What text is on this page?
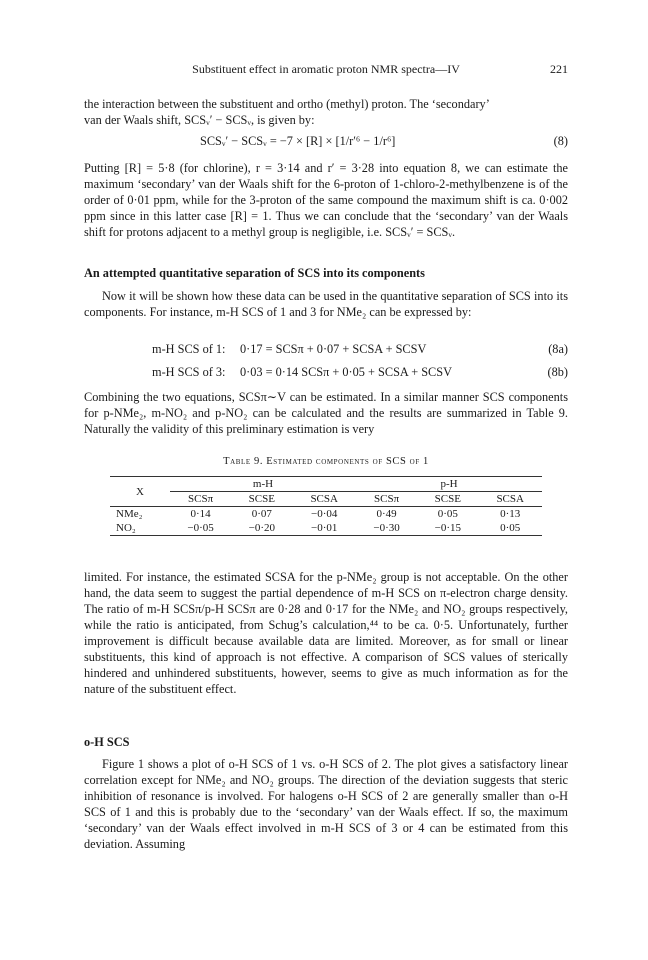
Substituent effect in aromatic proton NMR spectra—IV	221
the interaction between the substituent and ortho (methyl) proton. The ‘secondary’
van der Waals shift, SCSᵥ′ − SCSᵥ, is given by:
SCSᵥ′ − SCSᵥ = −7 × [R] × [1/r′⁶ − 1/r⁶]	(8)
Putting [R] = 5·8 (for chlorine), r = 3·14 and r′ = 3·28 into equation 8, we can estimate the maximum ‘secondary’ van der Waals shift for the 6-proton of 1-chloro-2-methylbenzene is of the order of 0·01 ppm, while for the 3-proton of the same compound the maximum shift is ca. 0·002 ppm since in this latter case [R] = 1. Thus we can conclude that the ‘secondary’ van der Waals shift for protons adjacent to a methyl group is negligible, i.e. SCSᵥ′ = SCSᵥ.
An attempted quantitative separation of SCS into its components
Now it will be shown how these data can be used in the quantitative separation of SCS into its components. For instance, m-H SCS of 1 and 3 for NMe₂ can be expressed by:
m-H SCS of 1: 0·17 = SCSπ + 0·07 + SCSA + SCSV	(8a)
m-H SCS of 3: 0·03 = 0·14 SCSπ + 0·05 + SCSA + SCSV	(8b)
Combining the two equations, SCSπ∼V can be estimated. In a similar manner SCS components for p-NMe₂, m-NO₂ and p-NO₂ can be calculated and the results are summarized in Table 9. Naturally the validity of this preliminary estimation is very
Table 9. Estimated components of SCS of 1
X	m-H			p-H		
	SCSπ	SCSE	SCSA	SCSπ	SCSE	SCSA
NMe₂	0·14	0·07	−0·04	0·49	0·05	0·13
NO₂	−0·05	−0·20	−0·01	−0·30	−0·15	0·05
limited. For instance, the estimated SCSA for the p-NMe₂ group is not acceptable. On the other hand, the data seem to suggest the partial dependence of m-H SCS on π-electron charge density. The ratio of m-H SCSπ/p-H SCSπ are 0·28 and 0·17 for the NMe₂ and NO₂ groups respectively, while the ratio is anticipated, from Schug’s calculation,⁴⁴ to be ca. 0·5. Unfortunately, further improvement is difficult because available data are limited. Moreover, as for small or linear substituents, this kind of approach is not effective. A comparison of SCS values of sterically hindered and unhindered substituents, however, seems to give as much information as for the nature of the substituent effect.
o-H SCS
Figure 1 shows a plot of o-H SCS of 1 vs. o-H SCS of 2. The plot gives a satisfactory linear correlation except for NMe₂ and NO₂ groups. The direction of the deviation suggests that steric inhibition of resonance is involved. For halogens o-H SCS of 2 are generally smaller than o-H SCS of 1 and this is probably due to the ‘secondary’ van der Waals effect. If so, the maximum ‘secondary’ van der Waals effect involved in m-H SCS of 3 or 4 can be estimated from this deviation. Assuming
